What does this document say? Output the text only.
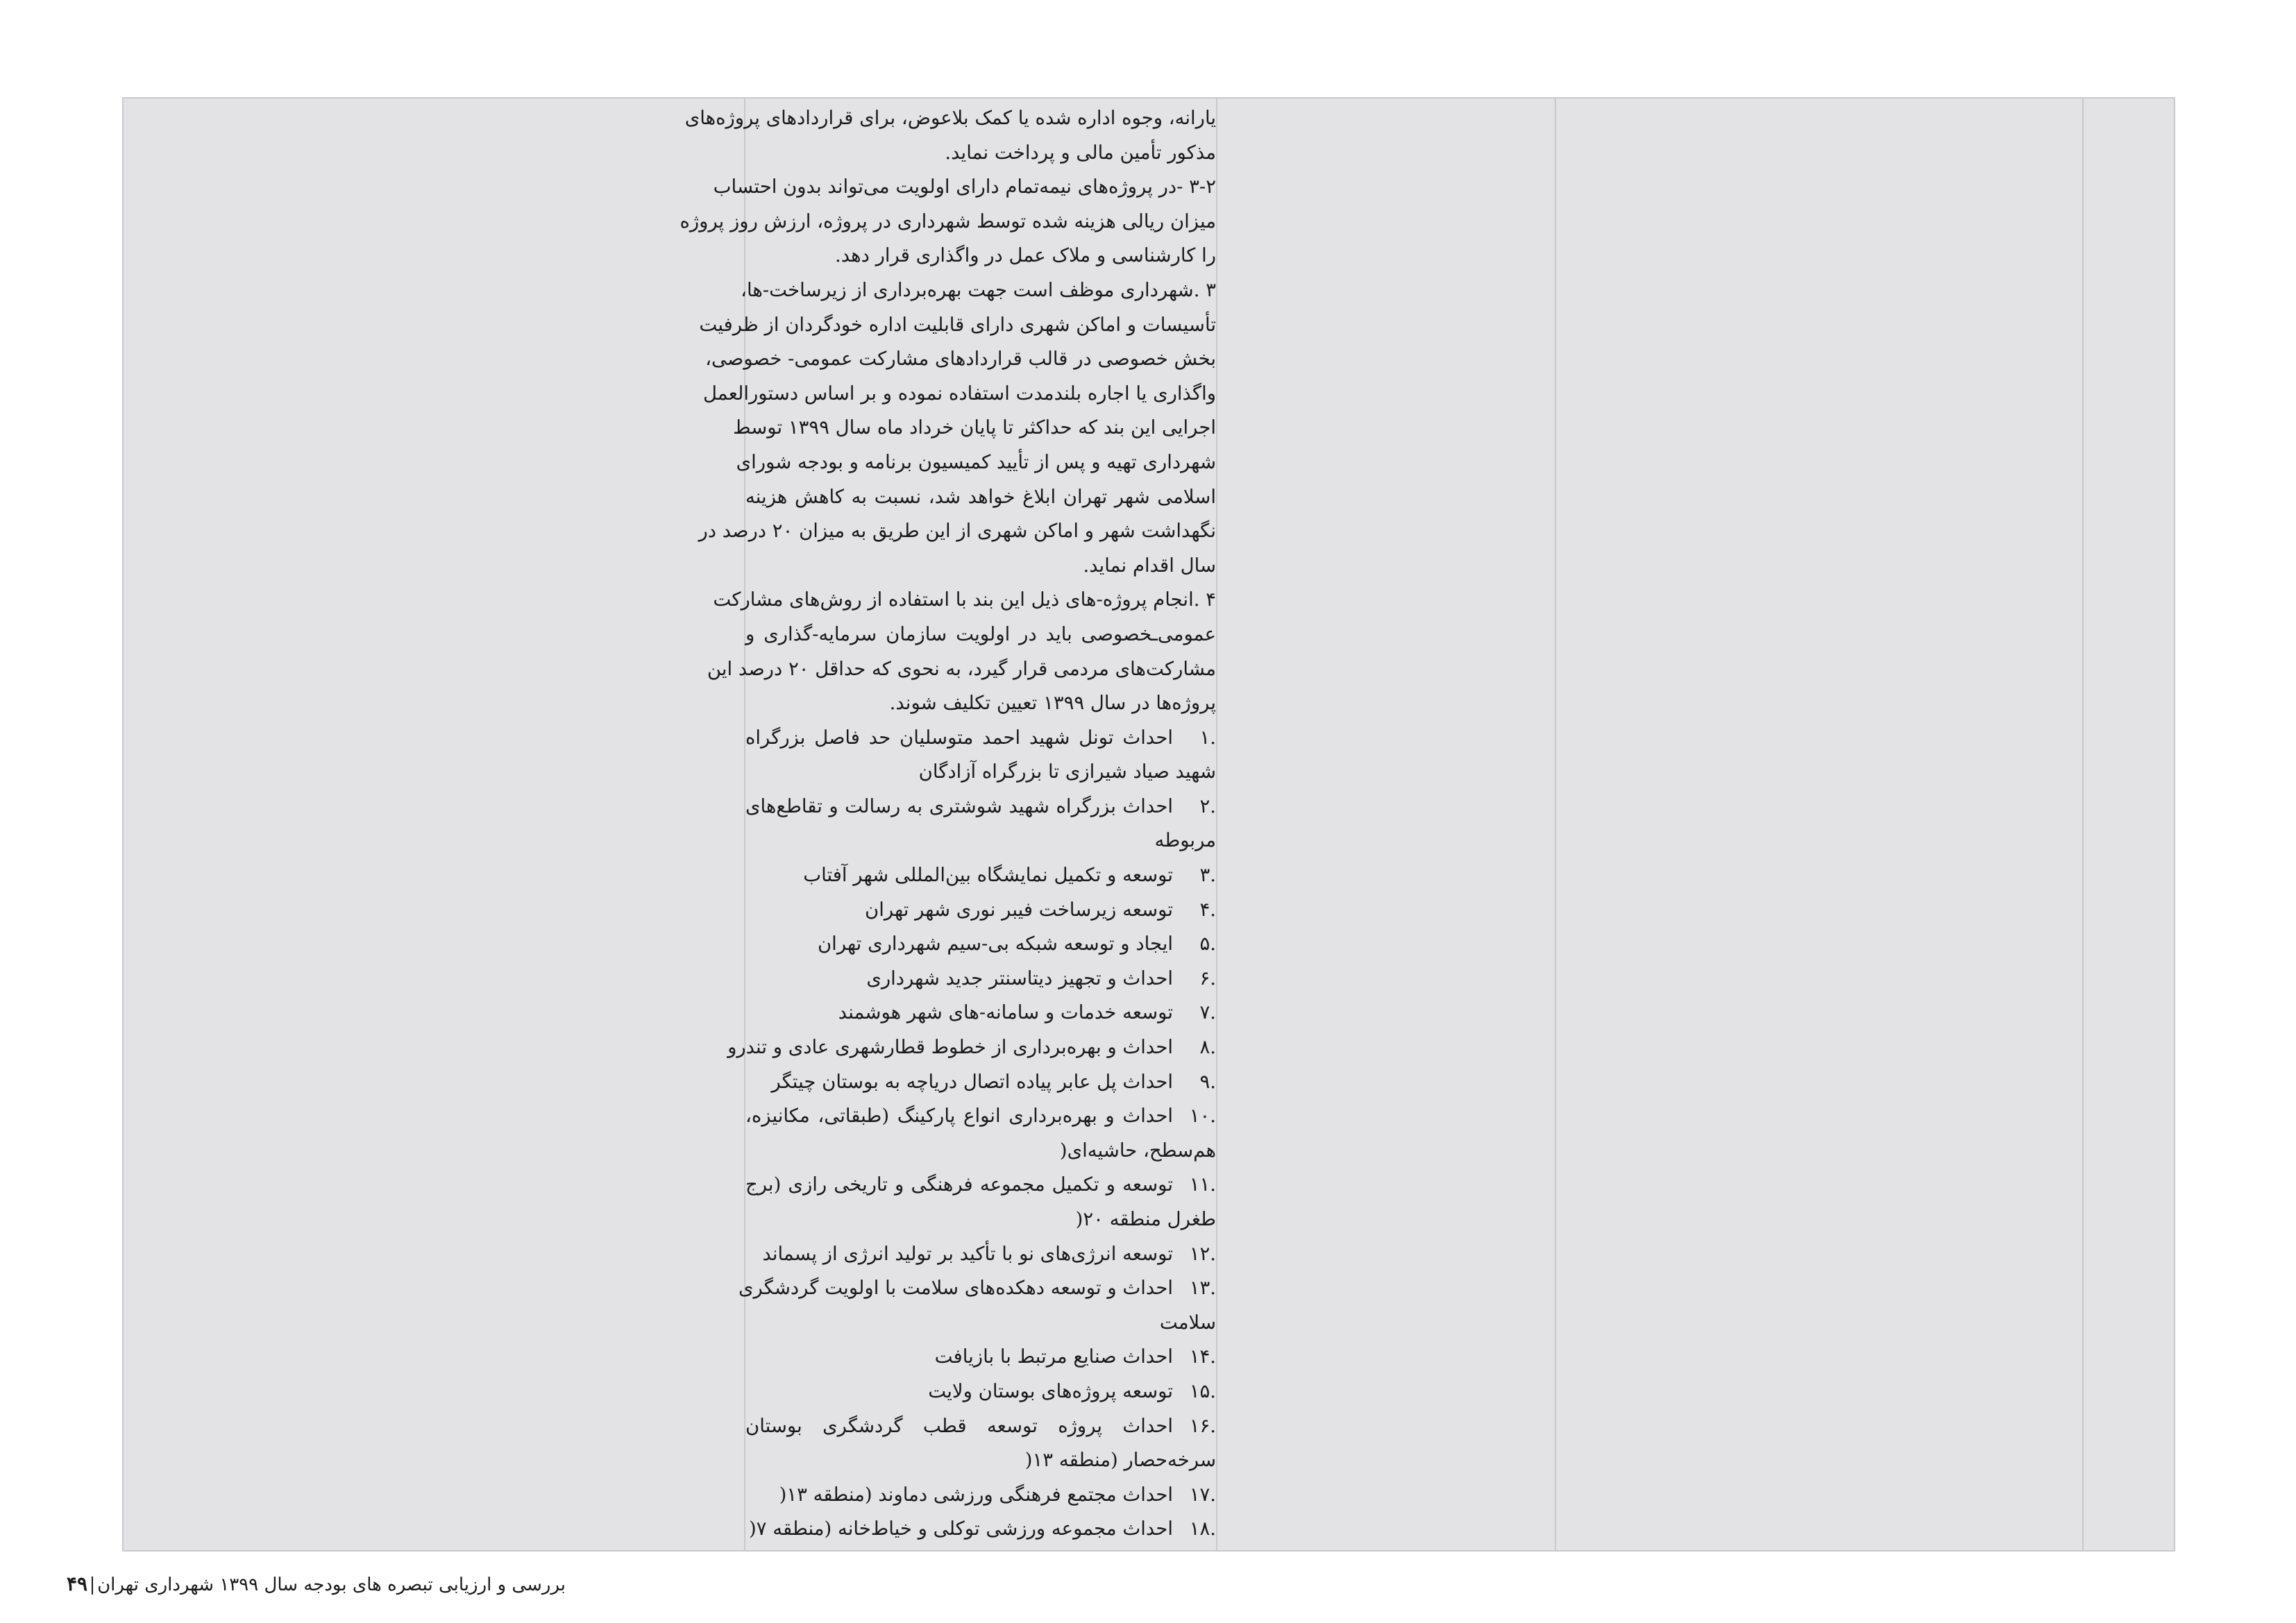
یارانه، وجوه اداره شده یا کمک بلاعوض، برای قراردادهای پروژه‌های
مذکور تأمین مالی و پرداخت نماید.
۳-۲ -در پروژه‌های نیمه‌تمام دارای اولویت می‌تواند بدون احتساب
میزان ریالی هزینه شده توسط شهرداری در پروژه، ارزش روز پروژه
را کارشناسی و ملاک عمل در واگذاری قرار دهد.
۳ .شهرداری موظف است جهت بهره‌برداری از زیرساخت-ها،
تأسیسات و اماکن شهری دارای قابلیت اداره خودگردان از ظرفیت
بخش خصوصی در قالب قراردادهای مشارکت عمومی- خصوصی،
واگذاری یا اجاره بلندمدت استفاده نموده و بر اساس دستورالعمل
اجرایی این بند که حداکثر تا پایان خرداد ماه سال ۱۳۹۹ توسط
شهرداری تهیه و پس از تأیید کمیسیون برنامه و بودجه شورای
اسلامی شهر تهران ابلاغ خواهد شد، نسبت به کاهش هزینه
نگهداشت شهر و اماکن شهری از این طریق به میزان ۲۰ درصد در
سال اقدام نماید.
۴ .انجام پروژه-های ذیل این بند با استفاده از روش‌های مشارکت
عمومی‌ـخصوصی باید در اولویت سازمان سرمایه-گذاری و
مشارکت‌های مردمی قرار گیرد، به نحوی که حداقل ۲۰ درصد این
پروژه‌ها در سال ۱۳۹۹ تعیین تکلیف شوند.
.۱
احداث تونل شهید احمد متوسلیان حد فاصل بزرگراه
شهید صیاد شیرازی تا بزرگراه آزادگان
.۲
احداث بزرگراه شهید شوشتری به رسالت و تقاطع‌های
مربوطه
.۳
توسعه و تکمیل نمایشگاه بین‌المللی شهر آفتاب
.۴
توسعه زیرساخت فیبر نوری شهر تهران
.۵
ایجاد و توسعه شبکه بی-سیم شهرداری تهران
.۶
احداث و تجهیز دیتاسنتر جدید شهرداری
.۷
توسعه خدمات و سامانه-های شهر هوشمند
.۸
احداث و بهره‌برداری از خطوط قطارشهری عادی و تندرو
.۹
احداث پل عابر پیاده اتصال دریاچه به بوستان چیتگر
.۱۰
احداث و بهره‌برداری انواع پارکینگ (طبقاتی، مکانیزه،
هم‌سطح، حاشیه‌ای(
.۱۱
توسعه و تکمیل مجموعه فرهنگی و تاریخی رازی (برج
طغرل منطقه ۲۰(
.۱۲
توسعه انرژی‌های نو با تأکید بر تولید انرژی از پسماند
.۱۳
احداث و توسعه دهکده‌های سلامت با اولویت گردشگری
سلامت
.۱۴
احداث صنایع مرتبط با بازیافت
.۱۵
توسعه پروژه‌های بوستان ولایت
.۱۶
احداث پروژه توسعه قطب گردشگری بوستان
سرخه‌حصار (منطقه ۱۳(
.۱۷
احداث مجتمع فرهنگی ورزشی دماوند (منطقه ۱۳(
.۱۸
احداث مجموعه ورزشی توکلی و خیاط‌خانه (منطقه ۷(
بررسی و ارزیابی تبصره های بودجه سال ۱۳۹۹ شهرداری تهران۴۹
